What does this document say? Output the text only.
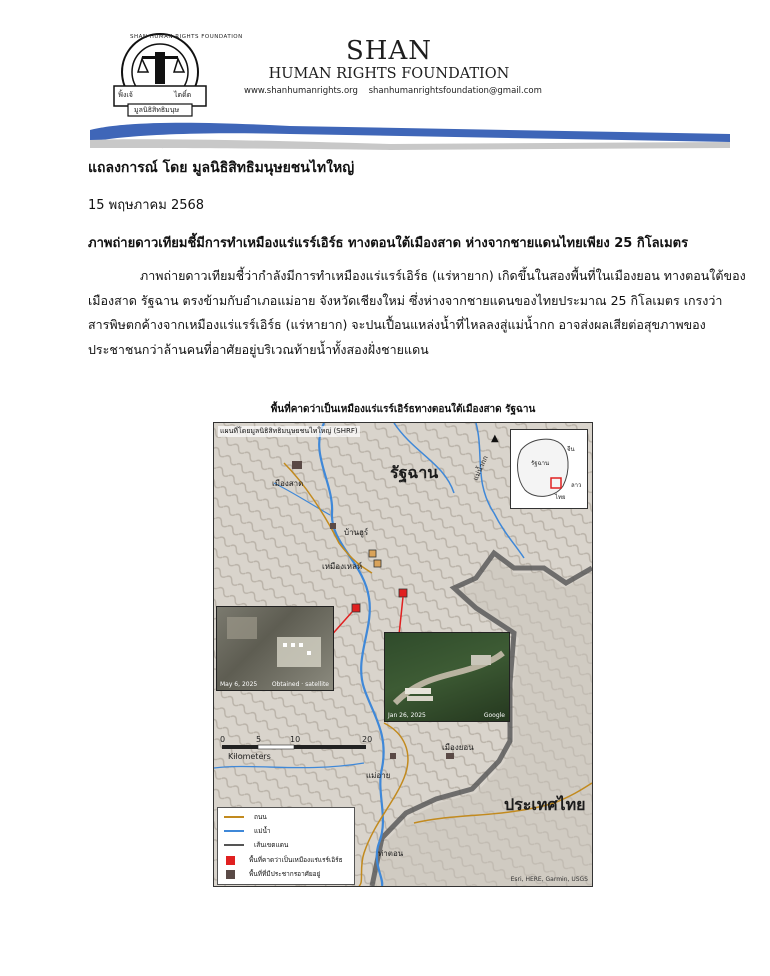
SHAN HUMAN RIGHTS FOUNDATION
ฟิ้งเจ้	ไตดิ์ต
มูลนิธิสิทธิมนุษ
SHAN
HUMAN RIGHTS FOUNDATION
www.shanhumanrights.org shanhumanrightsfoundation@gmail.com
แถลงการณ์ โดย มูลนิธิสิทธิมนุษยชนไทใหญ่
15 พฤษภาคม 2568
ภาพถ่ายดาวเทียมชี้มีการทำเหมืองแร่แรร์เอิร์ธ ทางตอนใต้เมืองสาด ห่างจากชายแดนไทยเพียง 25 กิโลเมตร

ภาพถ่ายดาวเทียมชี้ว่ากำลังมีการทำเหมืองแร่แรร์เอิร์ธ (แร่หายาก) เกิดขึ้นในสองพื้นที่ในเมืองยอน ทางตอนใต้ของ
เมืองสาด รัฐฉาน ตรงข้ามกับอำเภอแม่อาย จังหวัดเชียงใหม่ ซึ่งห่างจากชายแดนของไทยประมาณ 25 กิโลเมตร เกรงว่า
สารพิษตกค้างจากเหมืองแร่แรร์เอิร์ธ (แร่หายาก) จะปนเปื้อนแหล่งน้ำที่ไหลลงสู่แม่น้ำกก อาจส่งผลเสียต่อสุขภาพของ
ประชาชนกว่าล้านคนที่อาศัยอยู่บริเวณท้ายน้ำทั้งสองฝั่งชายแดน

พื้นที่คาดว่าเป็นเหมืองแร่แรร์เอิร์ธทางตอนใต้เมืองสาด รัฐฉาน
แผนที่โดยมูลนิธิสิทธิมนุษยชนไทใหญ่ (SHRF)
รัฐฉาน
ประเทศไทย
เมืองสาด
บ้านฮูร์
เหมืองเหลห์
เมืองยอน
แม่อาย
ท่าตอน
แม่น้ำกก
May 6, 2025 Obtained · satellite
Jan 26, 2025	Google
▲
รัฐฉาน
จีน
ลาว
ไทย
0	5	10	20
Kilometers
ถนน
แม่น้ำ
เส้นเขตแดน
พื้นที่คาดว่าเป็นเหมืองแร่แรร์เอิร์ธ
พื้นที่ที่มีประชากรอาศัยอยู่
Esri, HERE, Garmin, USGS
